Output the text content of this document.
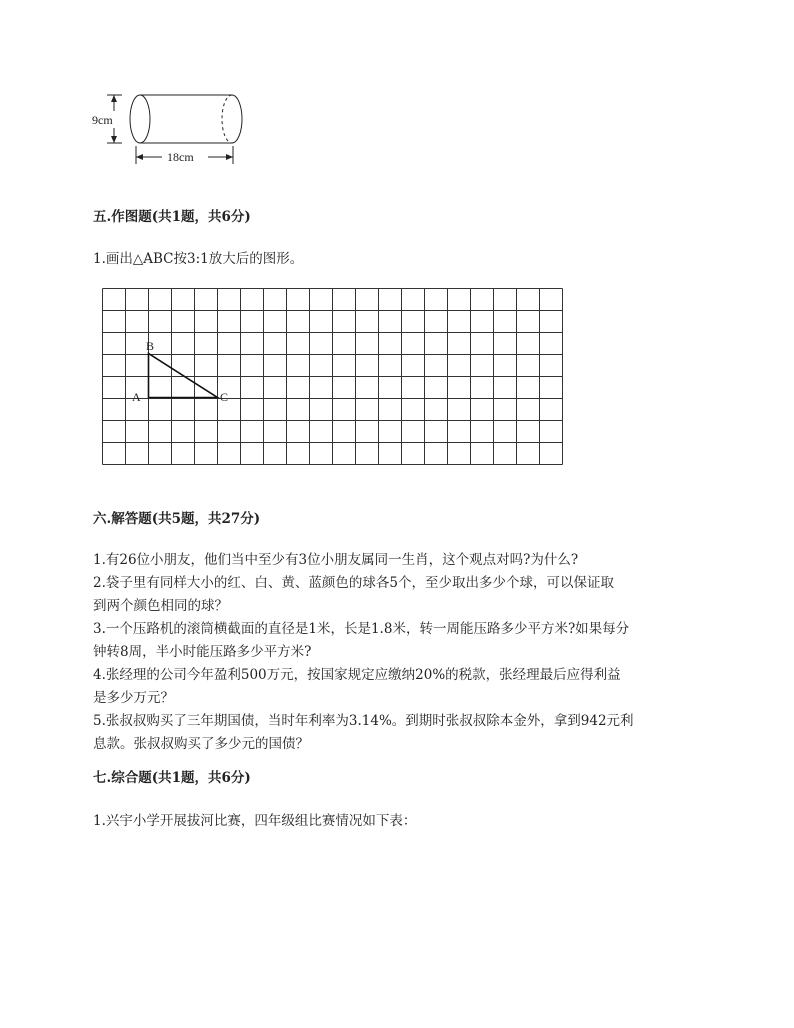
9cm
18cm
五.作图题(共1题，共6分)
1.画出△ABC按3:1放大后的图形。
B
A	C
六.解答题(共5题，共27分)
1.有26位小朋友，他们当中至少有3位小朋友属同一生肖，这个观点对吗?为什么?
2.袋子里有同样大小的红、白、黄、蓝颜色的球各5个，至少取出多少个球，可以保证取
到两个颜色相同的球？
3.一个压路机的滚筒横截面的直径是1米，长是1.8米，转一周能压路多少平方米?如果每分
钟转8周，半小时能压路多少平方米?
4.张经理的公司今年盈利500万元，按国家规定应缴纳20%的税款，张经理最后应得利益
是多少万元？
5.张叔叔购买了三年期国债，当时年利率为3.14%。到期时张叔叔除本金外，拿到942元利
息款。张叔叔购买了多少元的国债？
七.综合题(共1题，共6分)
1.兴宇小学开展拔河比赛，四年级组比赛情况如下表：
